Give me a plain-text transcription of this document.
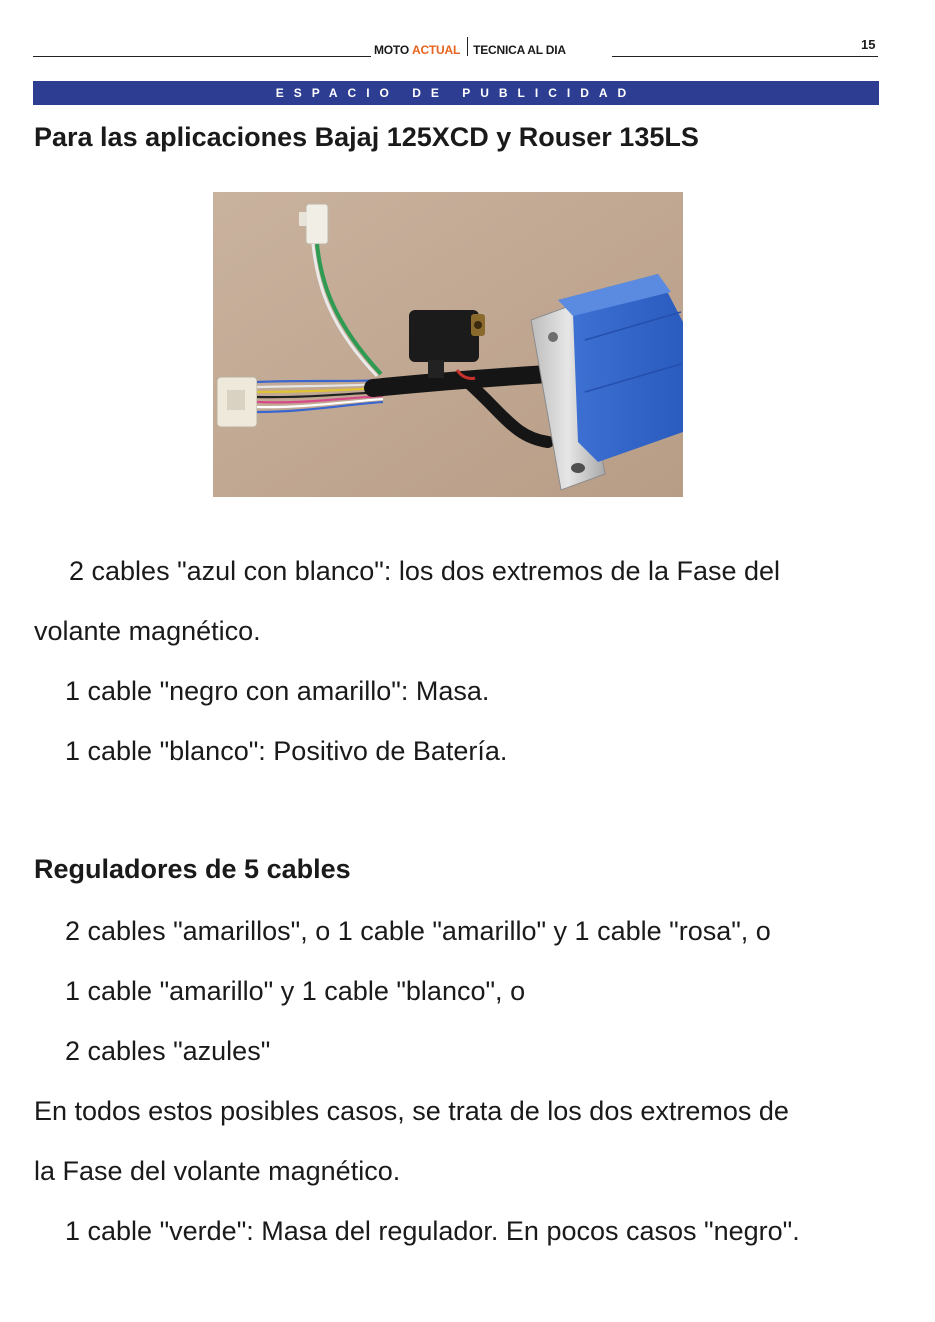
MOTO ACTUAL TECNICA AL DIA	15
ESPACIO DE PUBLICIDAD
Para las aplicaciones Bajaj 125XCD y Rouser 135LS

2 cables "azul con blanco": los dos extremos de la Fase del

volante magnético.

1 cable "negro con amarillo": Masa.

1 cable "blanco": Positivo de Batería.

Reguladores de 5 cables

2 cables "amarillos", o 1 cable "amarillo" y 1 cable "rosa", o

1 cable "amarillo" y 1 cable "blanco", o

2 cables "azules"

En todos estos posibles casos, se trata de los dos extremos de

la Fase del volante magnético.

1 cable "verde": Masa del regulador. En pocos casos "negro".
